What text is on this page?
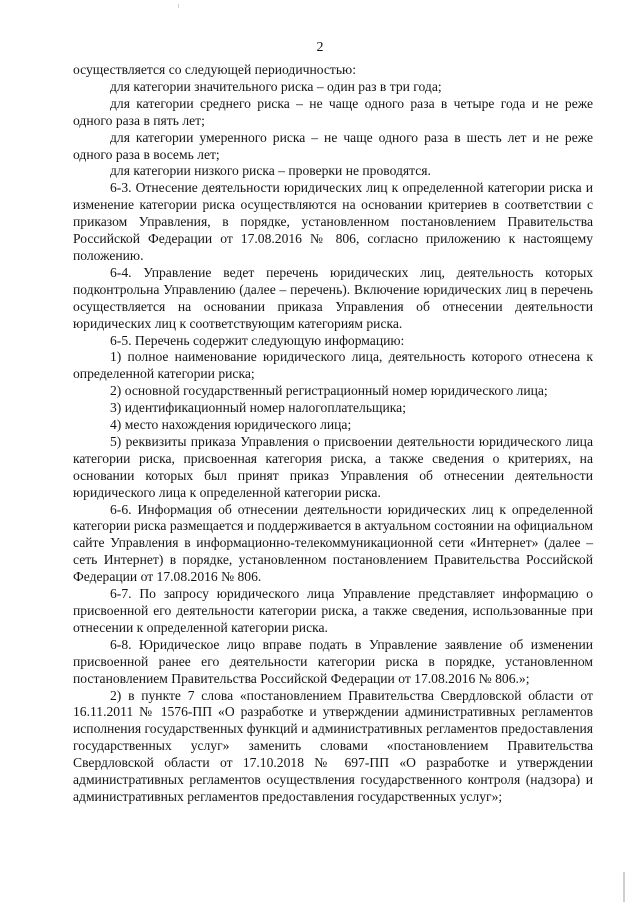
2

осуществляется со следующей периодичностью:

для категории значительного риска – один раз в три года;

для категории среднего риска – не чаще одного раза в четыре года и не реже одного раза в пять лет;

для категории умеренного риска – не чаще одного раза в шесть лет и не реже одного раза в восемь лет;

для категории низкого риска – проверки не проводятся.

6-3. Отнесение деятельности юридических лиц к определенной категории риска и изменение категории риска осуществляются на основании критериев в соответствии с приказом Управления, в порядке, установленном постановлением Правительства Российской Федерации от 17.08.2016 № 806, согласно приложению к настоящему положению.

6-4. Управление ведет перечень юридических лиц, деятельность которых подконтрольна Управлению (далее – перечень). Включение юридических лиц в перечень осуществляется на основании приказа Управления об отнесении деятельности юридических лиц к соответствующим категориям риска.

6-5. Перечень содержит следующую информацию:

1) полное наименование юридического лица, деятельность которого отнесена к определенной категории риска;

2) основной государственный регистрационный номер юридического лица;

3) идентификационный номер налогоплательщика;

4) место нахождения юридического лица;

5) реквизиты приказа Управления о присвоении деятельности юридического лица категории риска, присвоенная категория риска, а также сведения о критериях, на основании которых был принят приказ Управления об отнесении деятельности юридического лица к определенной категории риска.

6-6. Информация об отнесении деятельности юридических лиц к определенной категории риска размещается и поддерживается в актуальном состоянии на официальном сайте Управления в информационно-телекоммуникационной сети «Интернет» (далее – сеть Интернет) в порядке, установленном постановлением Правительства Российской Федерации от 17.08.2016 № 806.

6-7. По запросу юридического лица Управление представляет информацию о присвоенной его деятельности категории риска, а также сведения, использованные при отнесении к определенной категории риска.

6-8. Юридическое лицо вправе подать в Управление заявление об изменении присвоенной ранее его деятельности категории риска в порядке, установленном постановлением Правительства Российской Федерации от 17.08.2016 № 806.»;

2) в пункте 7 слова «постановлением Правительства Свердловской области от 16.11.2011 № 1576-ПП «О разработке и утверждении административных регламентов исполнения государственных функций и административных регламентов предоставления государственных услуг» заменить словами «постановлением Правительства Свердловской области от 17.10.2018 № 697-ПП «О разработке и утверждении административных регламентов осуществления государственного контроля (надзора) и административных регламентов предоставления государственных услуг»;
